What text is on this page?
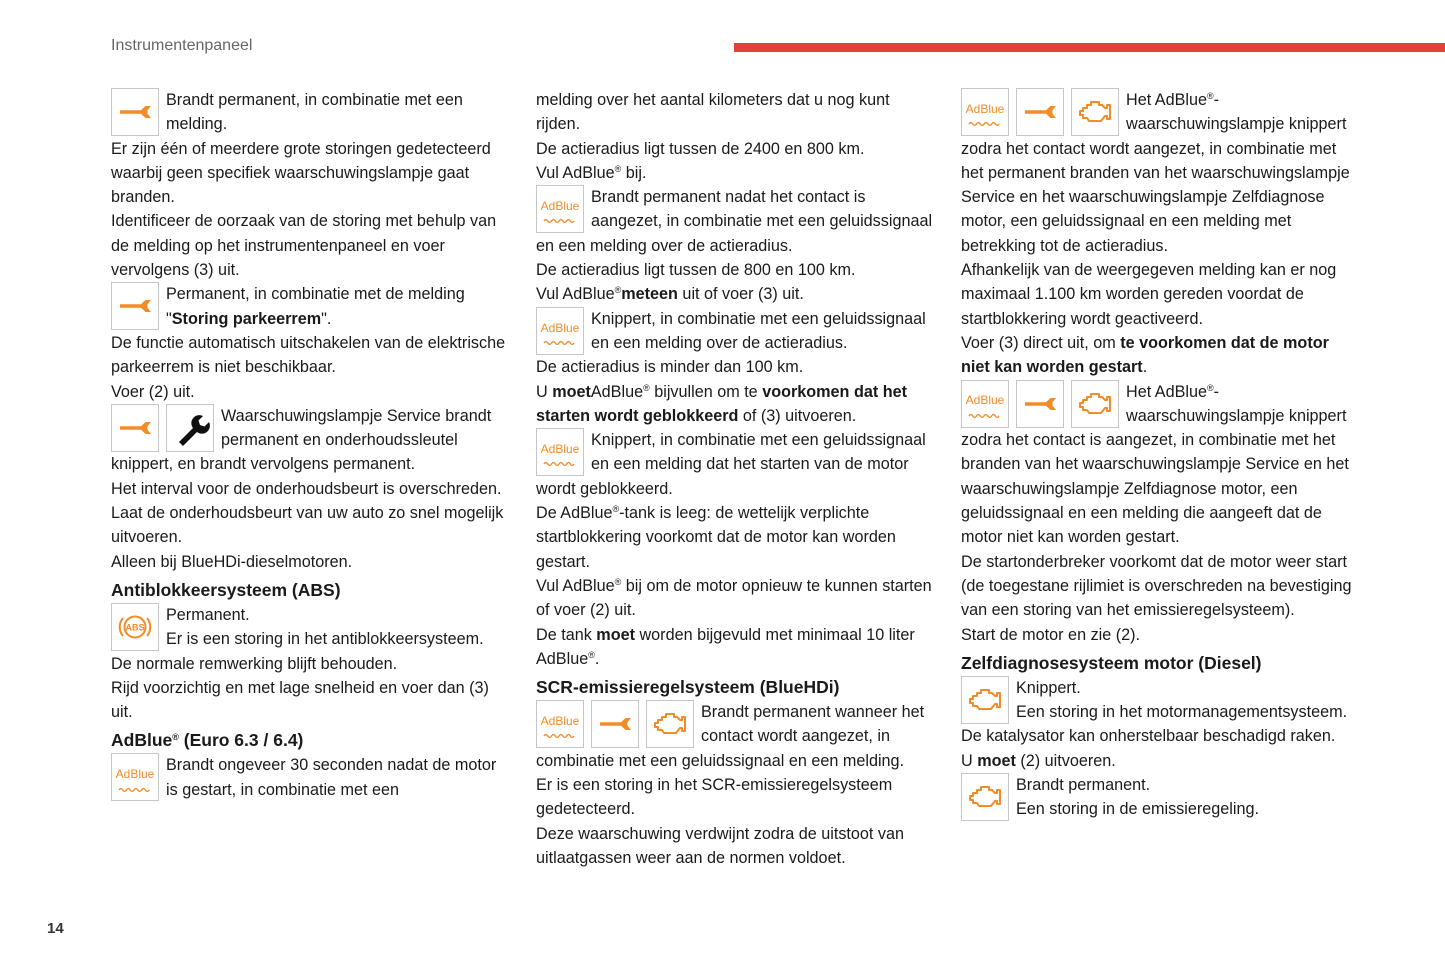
Instrumentenpaneel
Brandt permanent, in combinatie met een melding.

Er zijn één of meerdere grote storingen gedetecteerd waarbij geen specifiek waarschuwingslampje gaat branden.

Identificeer de oorzaak van de storing met behulp van de melding op het instrumentenpaneel en voer vervolgens (3) uit.

Permanent, in combinatie met de melding
"Storing parkeerrem".

De functie automatisch uitschakelen van de elektrische parkeerrem is niet beschikbaar.

Voer (2) uit.

Waarschuwingslampje Service brandt permanent en onderhoudssleutel knippert, en brandt vervolgens permanent.

Het interval voor de onderhoudsbeurt is overschreden.

Laat de onderhoudsbeurt van uw auto zo snel mogelijk uitvoeren.

Alleen bij BlueHDi-dieselmotoren.

Antiblokkeersysteem (ABS)
ABS
Permanent.
Er is een storing in het antiblokkeersysteem.

De normale remwerking blijft behouden.

Rijd voorzichtig en met lage snelheid en voer dan (3) uit.

AdBlue® (Euro 6.3 / 6.4)
AdBlue Brandt ongeveer 30 seconden nadat de motor is gestart, in combinatie met een

melding over het aantal kilometers dat u nog kunt rijden.

De actieradius ligt tussen de 2400 en 800 km.

Vul AdBlue® bij.

AdBlue Brandt permanent nadat het contact is aangezet, in combinatie met een geluidssignaal en een melding over de actieradius.

De actieradius ligt tussen de 800 en 100 km.

Vul AdBlue®meteen uit of voer (3) uit.

AdBlue Knippert, in combinatie met een geluidssignaal en een melding over de actieradius.

De actieradius is minder dan 100 km.

U moetAdBlue® bijvullen om te voorkomen dat het starten wordt geblokkeerd of (3) uitvoeren.

AdBlue Knippert, in combinatie met een geluidssignaal en een melding dat het starten van de motor wordt geblokkeerd.

De AdBlue®-tank is leeg: de wettelijk verplichte startblokkering voorkomt dat de motor kan worden gestart.

Vul AdBlue® bij om de motor opnieuw te kunnen starten of voer (2) uit.

De tank moet worden bijgevuld met minimaal 10 liter AdBlue®.

SCR-emissieregelsysteem (BlueHDi)
AdBlue	Brandt permanent wanneer het contact wordt aangezet, in combinatie met een geluidssignaal en een melding.

Er is een storing in het SCR-emissieregelsysteem gedetecteerd.

Deze waarschuwing verdwijnt zodra de uitstoot van uitlaatgassen weer aan de normen voldoet.

AdBlue	Het AdBlue®-waarschuwingslampje knippert zodra het contact wordt aangezet, in combinatie met het permanent branden van het waarschuwingslampje Service en het waarschuwingslampje Zelfdiagnose motor, een geluidssignaal en een melding met betrekking tot de actieradius.

Afhankelijk van de weergegeven melding kan er nog maximaal 1.100 km worden gereden voordat de startblokkering wordt geactiveerd.

Voer (3) direct uit, om te voorkomen dat de motor niet kan worden gestart.

AdBlue	Het AdBlue®-waarschuwingslampje knippert zodra het contact is aangezet, in combinatie met het branden van het waarschuwingslampje Service en het waarschuwingslampje Zelfdiagnose motor, een geluidssignaal en een melding die aangeeft dat de motor niet kan worden gestart.

De startonderbreker voorkomt dat de motor weer start (de toegestane rijlimiet is overschreden na bevestiging van een storing van het emissieregelsysteem).

Start de motor en zie (2).

Zelfdiagnosesysteem motor (Diesel)
Knippert.
Een storing in het motormanagementsysteem.

De katalysator kan onherstelbaar beschadigd raken.

U moet (2) uitvoeren.

Brandt permanent.
Een storing in de emissieregeling.
14
